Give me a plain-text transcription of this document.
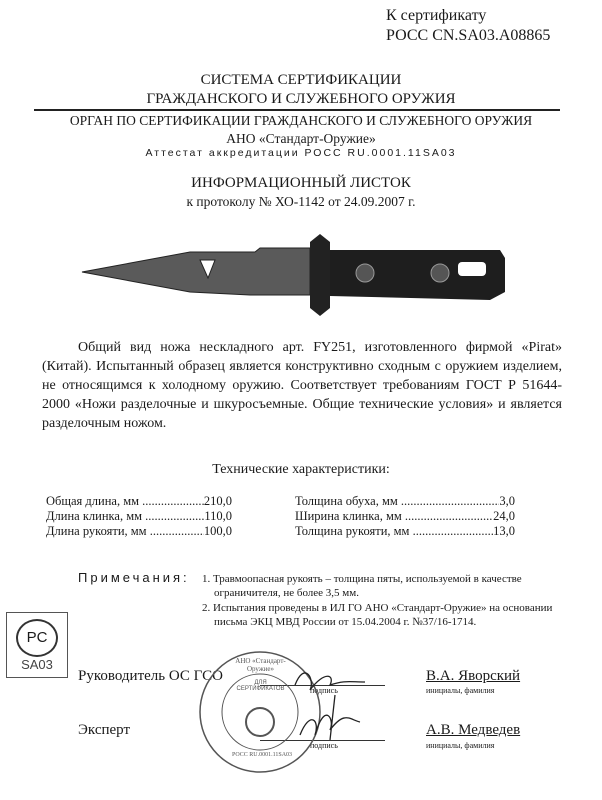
К сертификату
РОСС CN.SA03.A08865
СИСТЕМА СЕРТИФИКАЦИИ
ГРАЖДАНСКОГО И СЛУЖЕБНОГО ОРУЖИЯ
ОРГАН ПО СЕРТИФИКАЦИИ ГРАЖДАНСКОГО И СЛУЖЕБНОГО ОРУЖИЯ
АНО «Стандарт-Оружие»
Аттестат аккредитации РОСС RU.0001.11SA03
ИНФОРМАЦИОННЫЙ ЛИСТОК
к протоколу № ХО-1142 от 24.09.2007 г.
Общий вид ножа нескладного арт. FY251, изготовленного фирмой «Pirat» (Китай). Испытанный образец является конструктивно сходным с оружием изделием, не относящимся к холодному оружию. Соответствует требованиям ГОСТ Р 51644-2000 «Ножи разделочные и шкуросъемные. Общие технические условия» и является разделочным ножом.
Технические характеристики:
Общая длина, мм .....	210,0
Длина клинка, мм .....	110,0
Длина рукояти, мм .....	100,0
Толщина обуха, мм .....	3,0
Ширина клинка, мм .....	24,0
Толщина рукояти, мм .....	13,0
Примечания: 1. Травмоопасная рукоять – толщина пяты, используемой в качестве ограничителя, не более 3,5 мм.
2. Испытания проведены в ИЛ ГО АНО «Стандарт-Оружие» на основании письма ЭКЦ МВД России от 15.04.2004 г. №37/16-1714.
PC
SA03
Руководитель ОС ГСО
подпись
В.А. Яворский
инициалы, фамилия
Эксперт
подпись
А.В. Медведев
инициалы, фамилия
ДЛЯ СЕРТИФИКАТОВ
АНО «Стандарт-Оружие»
РОСС RU.0001.11SA03
